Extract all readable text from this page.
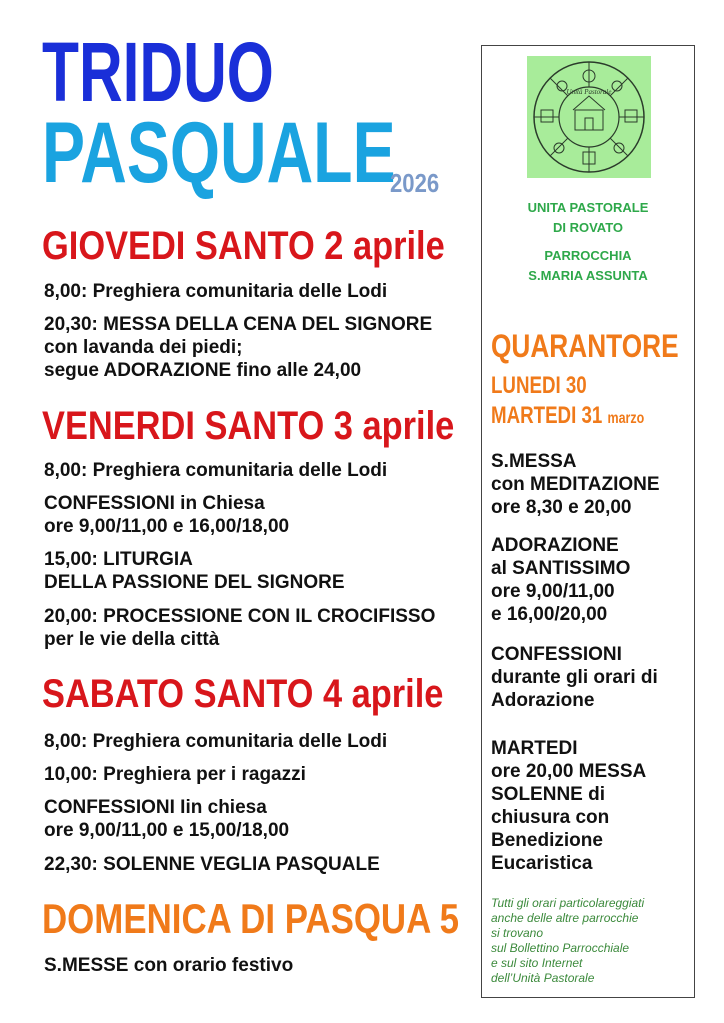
TRIDUO
PASQUALE
2026
GIOVEDI SANTO 2 aprile
8,00: Preghiera comunitaria delle Lodi
20,30: MESSA DELLA CENA DEL SIGNORE
con lavanda dei piedi;
segue ADORAZIONE fino alle 24,00
VENERDI SANTO 3 aprile
8,00: Preghiera comunitaria delle Lodi
CONFESSIONI in Chiesa
ore 9,00/11,00 e 16,00/18,00
15,00: LITURGIA
DELLA PASSIONE DEL SIGNORE
20,00: PROCESSIONE CON IL CROCIFISSO
per le vie della città
SABATO SANTO 4 aprile
8,00: Preghiera comunitaria delle Lodi
10,00: Preghiera per i ragazzi
CONFESSIONI Iin chiesa
ore 9,00/11,00 e 15,00/18,00
22,30: SOLENNE VEGLIA PASQUALE
DOMENICA DI PASQUA 5
S.MESSE con orario festivo
Unità Pastorale
UNITA PASTORALE
DI ROVATO
PARROCCHIA
S.MARIA ASSUNTA
QUARANTORE
LUNEDI 30
MARTEDI 31 marzo
S.MESSA
con MEDITAZIONE
ore 8,30 e 20,00
ADORAZIONE
al SANTISSIMO
ore 9,00/11,00
e 16,00/20,00
CONFESSIONI
durante gli orari di
Adorazione
MARTEDI
ore 20,00 MESSA
SOLENNE di
chiusura con
Benedizione
Eucaristica
Tutti gli orari particolareggiati
anche delle altre parrocchie
si trovano
sul Bollettino Parrocchiale
e sul sito Internet
dell’Unità Pastorale
